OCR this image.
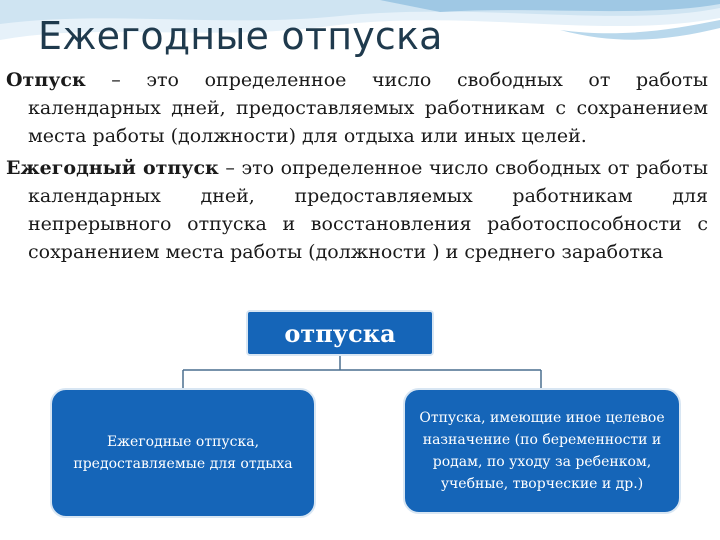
Ежегодные отпуска

Отпуск – это определенное число свободных от работы календарных дней, предоставляемых работникам с сохранением места работы (должности) для отдыха или иных целей.

Ежегодный отпуск – это определенное число свободных от работы календарных дней, предоставляемых работникам для непрерывного отпуска и восстановления работоспособности с сохранением места работы (должности ) и среднего заработка

отпуска
Ежегодные отпуска, предоставляемые для отдыха
Отпуска, имеющие иное целевое назначение (по беременности и родам, по уходу за ребенком, учебные, творческие и др.)
